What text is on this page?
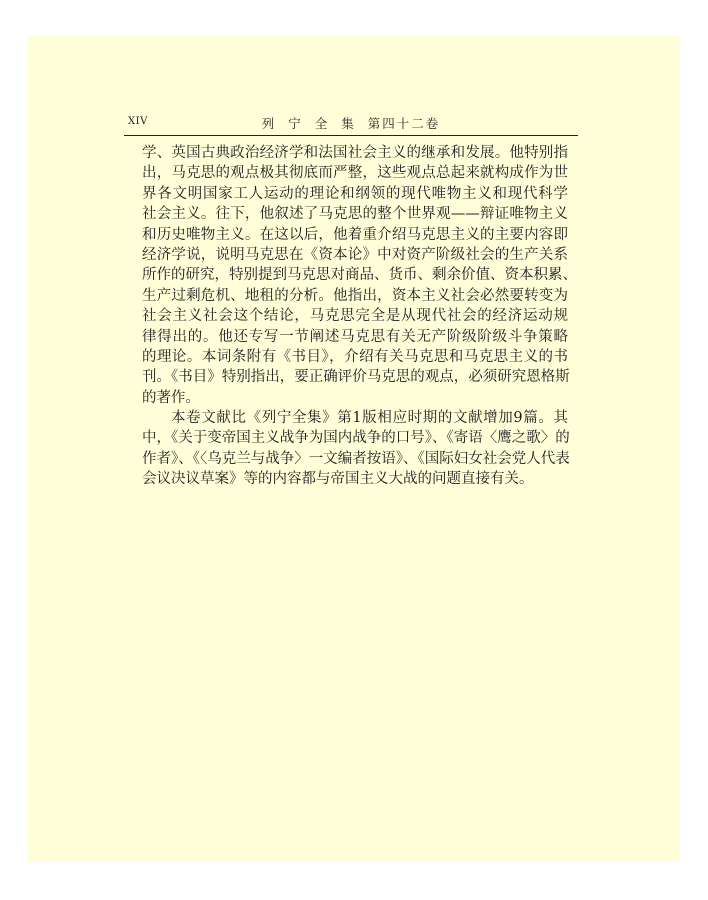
XIV	列 宁 全 集 第四十二卷
学、英国古典政治经济学和法国社会主义的继承和发展。他特别指
出，马克思的观点极其彻底而严整，这些观点总起来就构成作为世
界各文明国家工人运动的理论和纲领的现代唯物主义和现代科学
社会主义。往下，他叙述了马克思的整个世界观——辩证唯物主义
和历史唯物主义。在这以后，他着重介绍马克思主义的主要内容即
经济学说，说明马克思在《资本论》中对资产阶级社会的生产关系
所作的研究，特别提到马克思对商品、货币、剩余价值、资本积累、
生产过剩危机、地租的分析。他指出，资本主义社会必然要转变为
社会主义社会这个结论，马克思完全是从现代社会的经济运动规
律得出的。他还专写一节阐述马克思有关无产阶级阶级斗争策略
的理论。本词条附有《书目》，介绍有关马克思和马克思主义的书
刊。《书目》特别指出，要正确评价马克思的观点，必须研究恩格斯
的著作。
本卷文献比《列宁全集》第1版相应时期的文献增加9篇。其
中，《关于变帝国主义战争为国内战争的口号》、《寄语〈鹰之歌〉的
作者》、《〈乌克兰与战争〉一文编者按语》、《国际妇女社会党人代表
会议决议草案》等的内容都与帝国主义大战的问题直接有关。
